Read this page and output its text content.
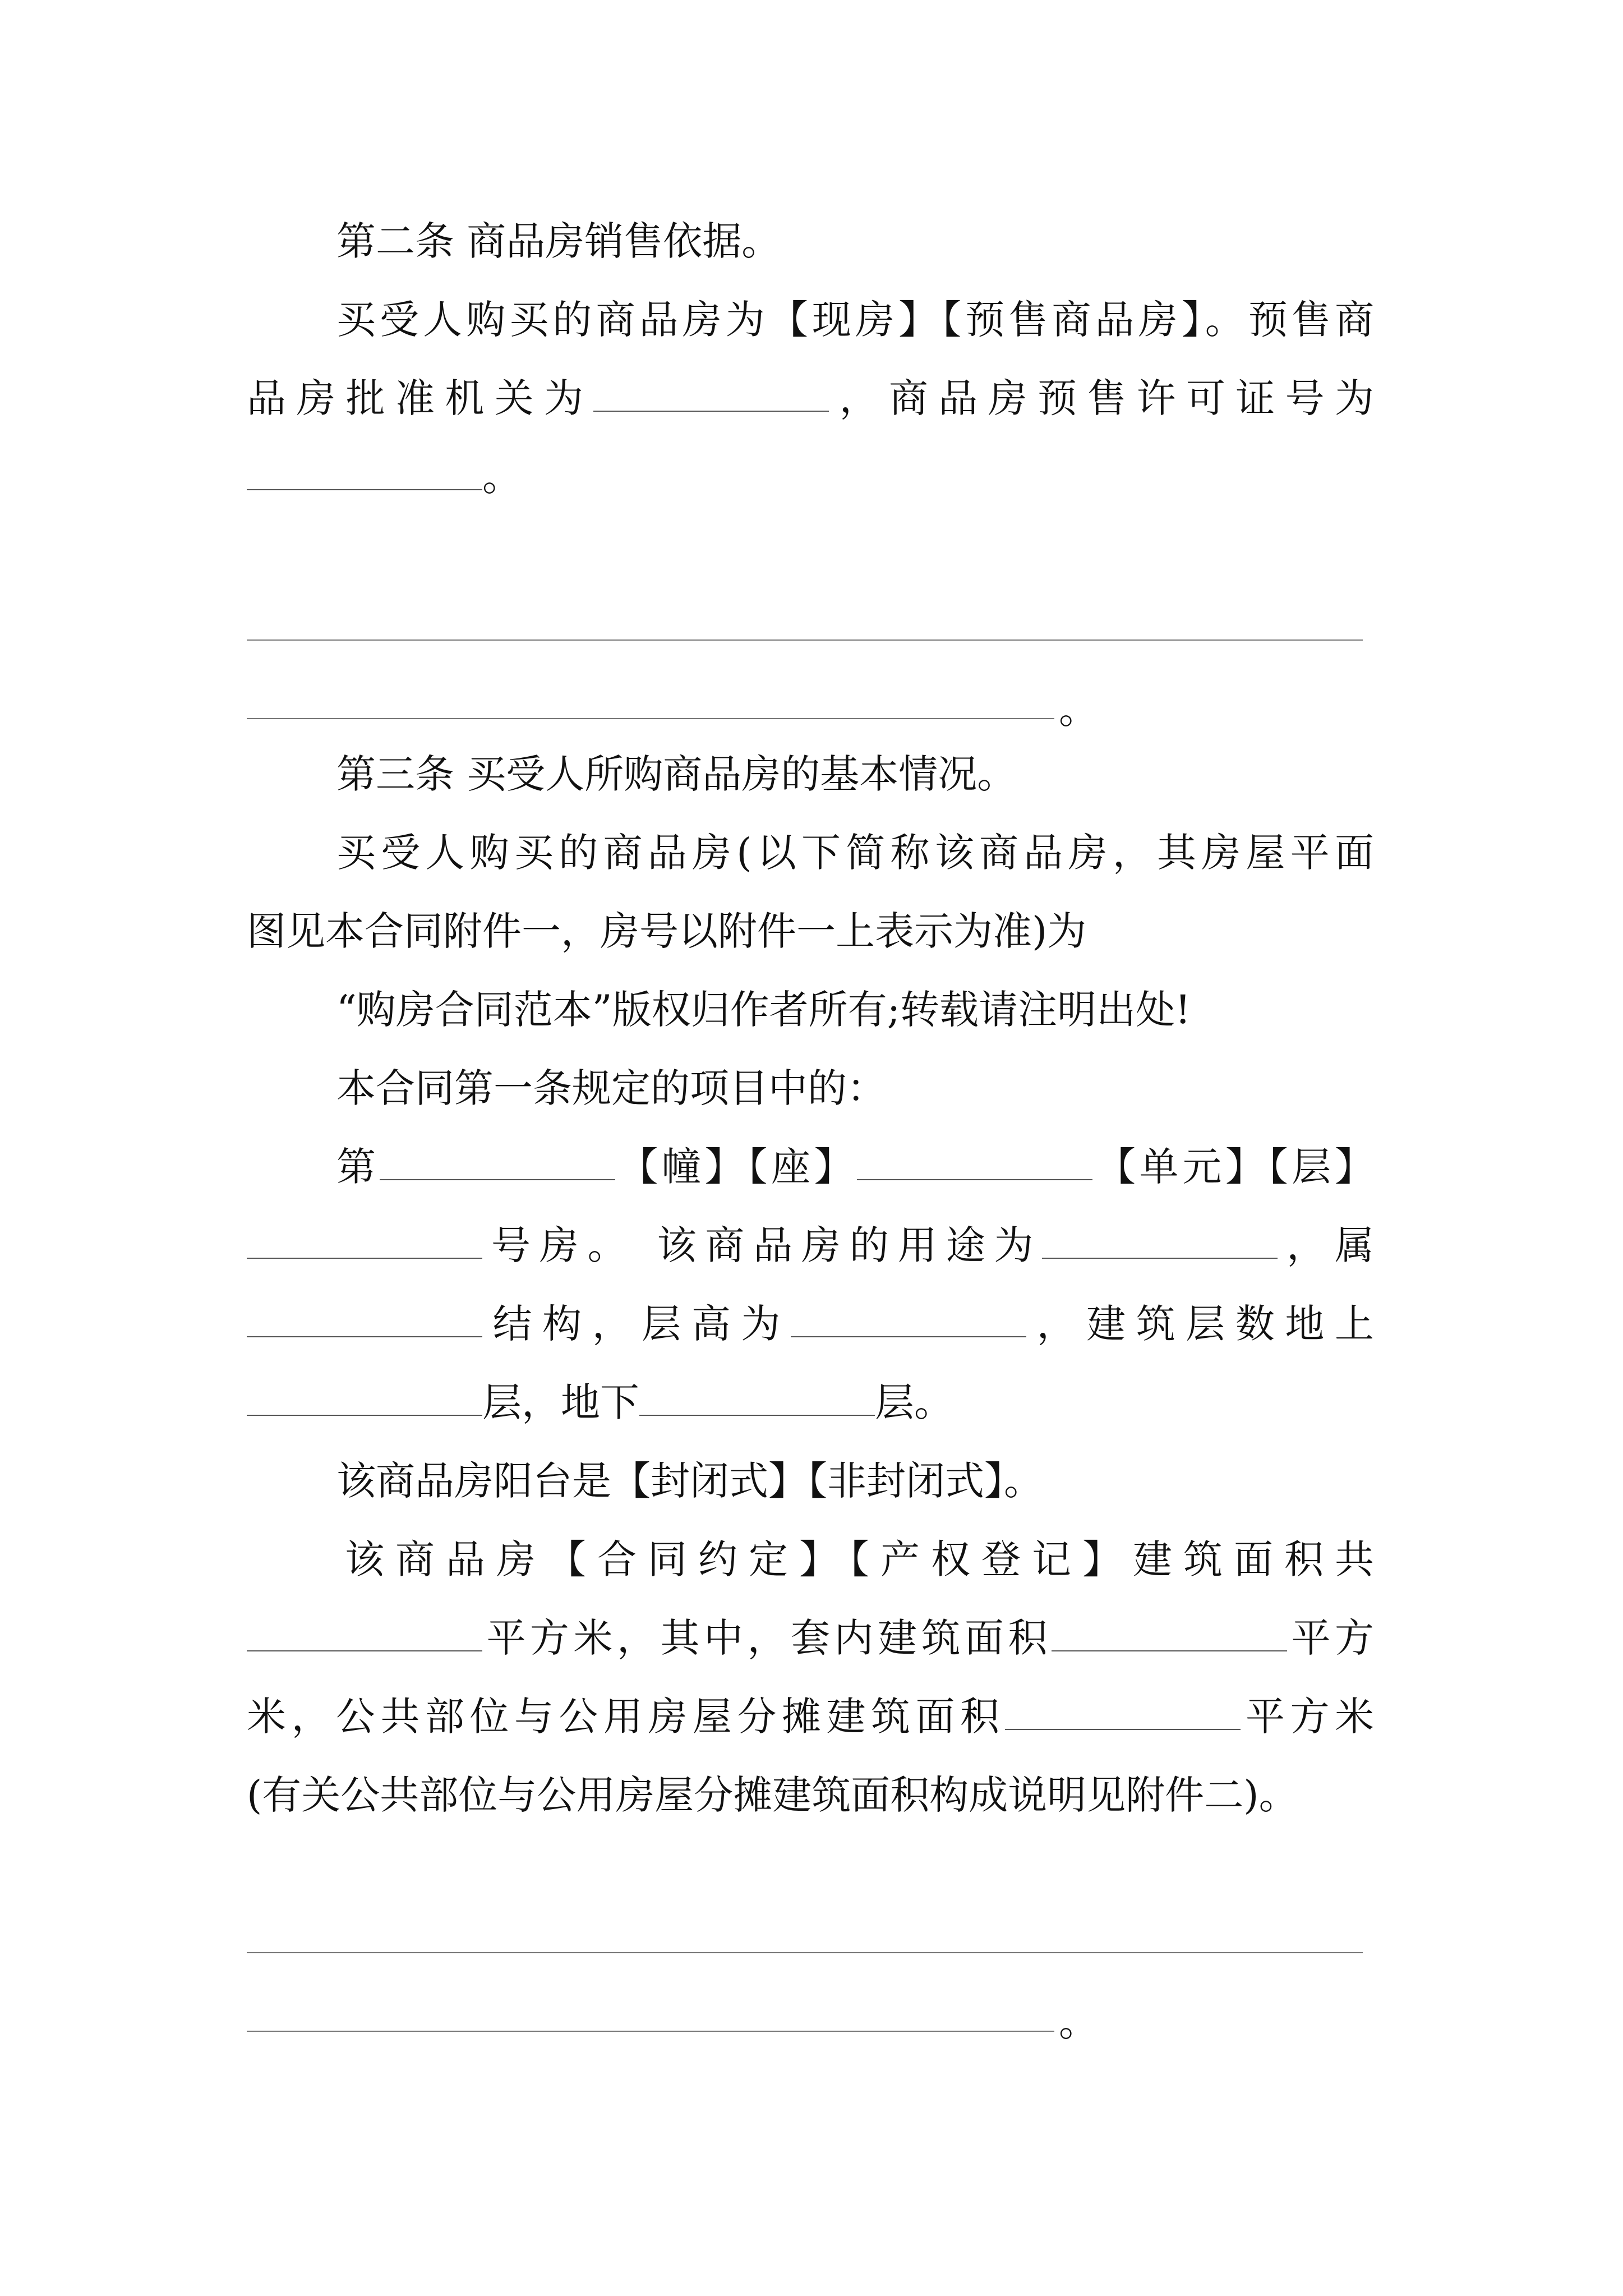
第二条 商品房销售依据。
买受人购买的商品房为【现房】【预售商品房】。预售商
品房批准机关为	，商品房预售许可证号为
。
。
第三条 买受人所购商品房的基本情况。
买受人购买的商品房(以下简称该商品房，其房屋平面
图见本合同附件一，房号以附件一上表示为准)为
“购房合同范本”版权归作者所有;转载请注明出处!
本合同第一条规定的项目中的：
第	【幢】【座】	【单元】【层】
号房。 该商品房的用途为	，属
结构，层高为	，建筑层数地上
层，地下	层。
该商品房阳台是【封闭式】【非封闭式】。
该商品房【合同约定】【产权登记】建筑面积共
平方米，其中，套内建筑面积	平方
米，公共部位与公用房屋分摊建筑面积	平方米
(有关公共部位与公用房屋分摊建筑面积构成说明见附件二)。
。
